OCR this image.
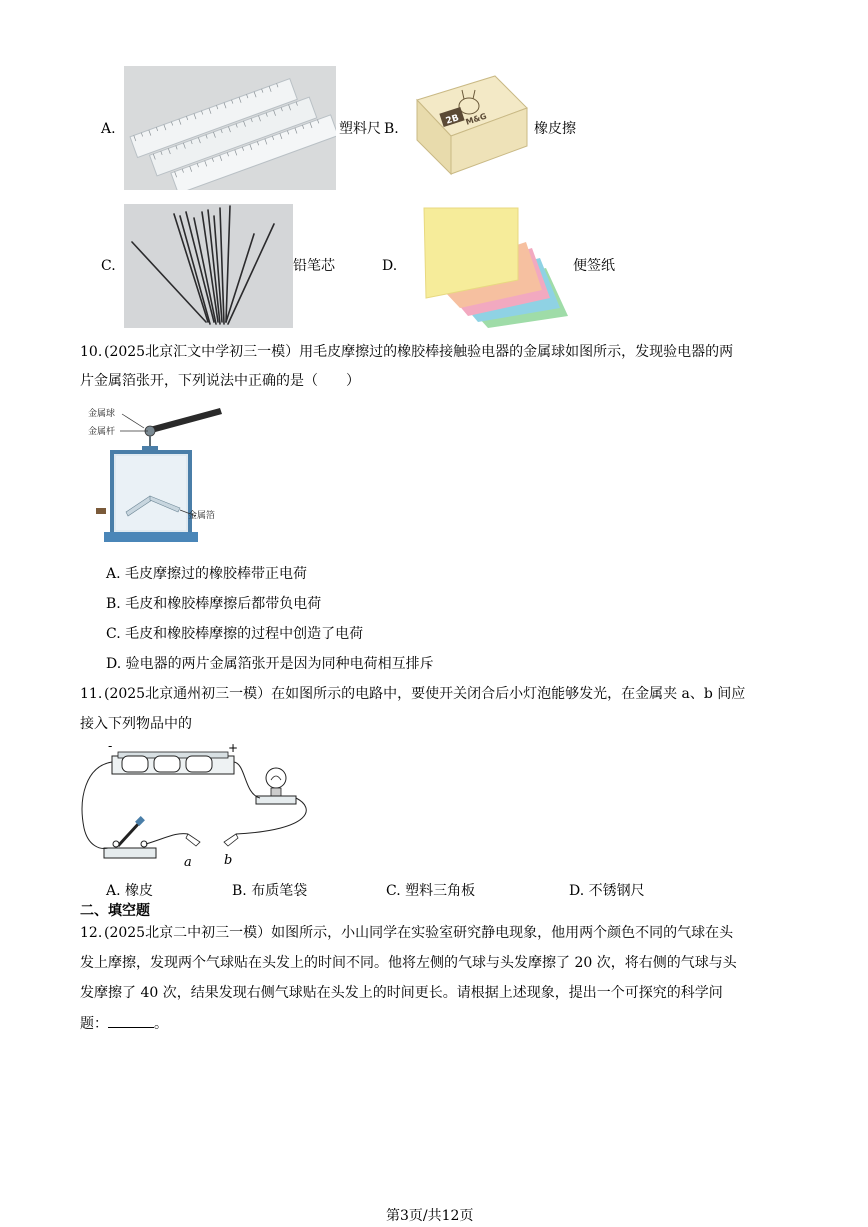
A.	塑料尺 B.
2B M&G
橡皮擦
C.	铅笔芯	D.	便签纸
10. (2025北京汇文中学初三一模）用毛皮摩擦过的橡胶棒接触验电器的金属球如图所示，发现验电器的两
片金属箔张开，下列说法中正确的是（　　）
金属球
金属杆
金属箔
A. 毛皮摩擦过的橡胶棒带正电荷
B. 毛皮和橡胶棒摩擦后都带负电荷
C. 毛皮和橡胶棒摩擦的过程中创造了电荷
D. 验电器的两片金属箔张开是因为同种电荷相互排斥
11. (2025北京通州初三一模）在如图所示的电路中，要使开关闭合后小灯泡能够发光，在金属夹 a、b 间应
接入下列物品中的
-	+
a b
A. 橡皮	B. 布质笔袋	C. 塑料三角板	D. 不锈钢尺
二、填空题
12. (2025北京二中初三一模）如图所示，小山同学在实验室研究静电现象，他用两个颜色不同的气球在头
发上摩擦，发现两个气球贴在头发上的时间不同。他将左侧的气球与头发摩擦了 20 次，将右侧的气球与头
发摩擦了 40 次，结果发现右侧气球贴在头发上的时间更长。请根据上述现象，提出一个可探究的科学问
题：	。
第3页/共12页
